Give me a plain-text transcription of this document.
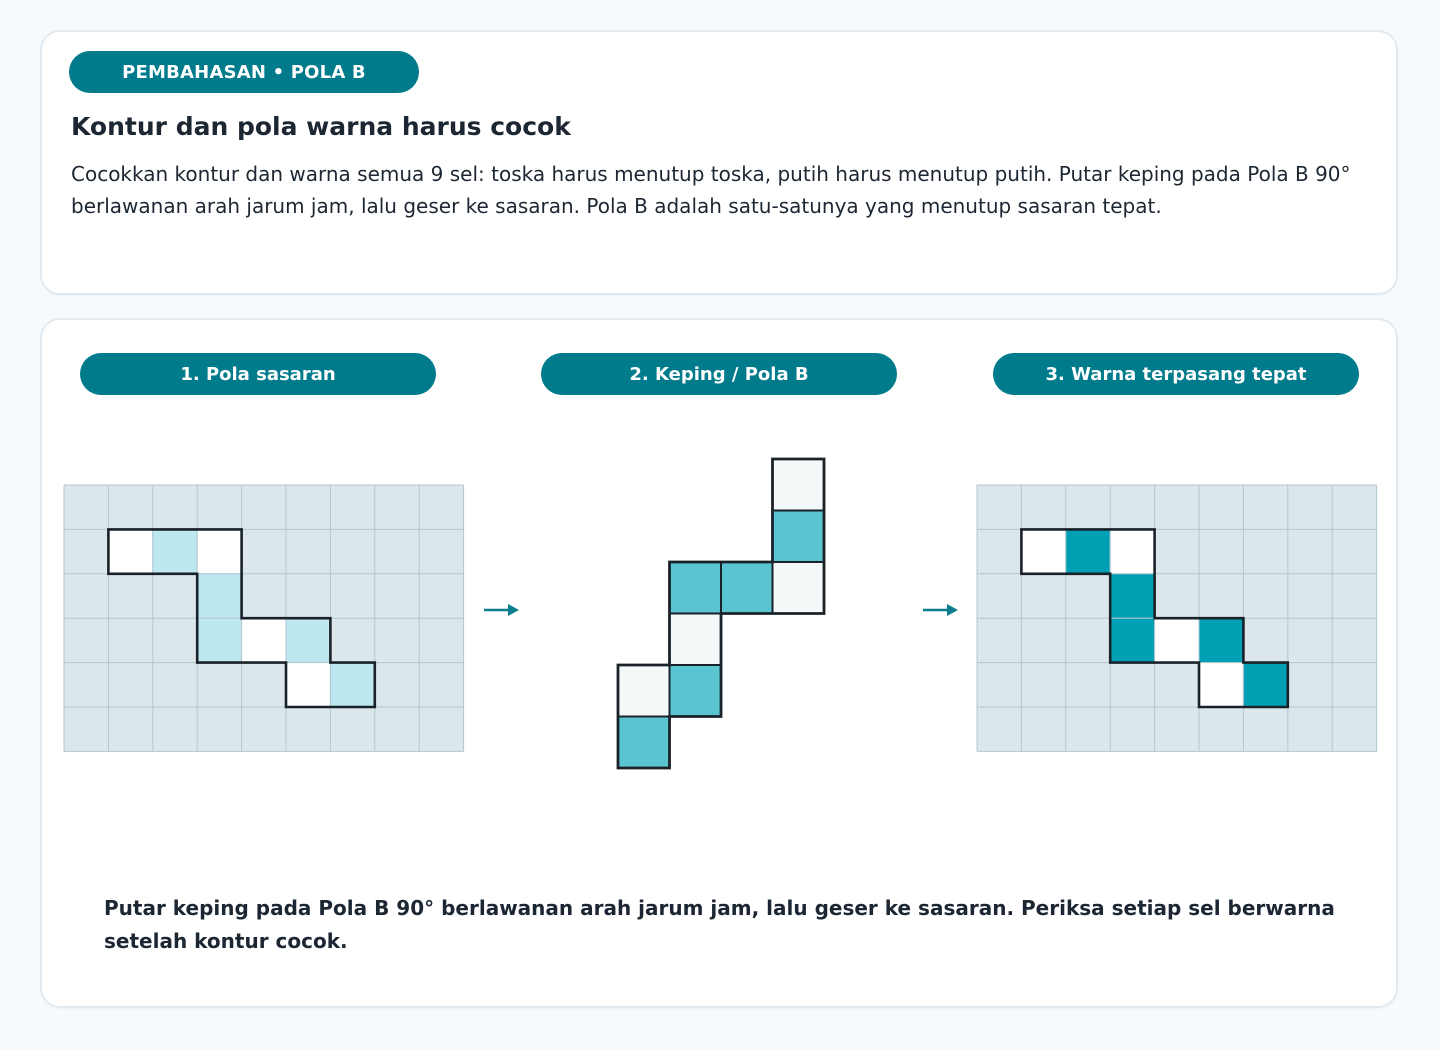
PEMBAHASAN • POLA B
Kontur dan pola warna harus cocok

Cocokkan kontur dan warna semua 9 sel: toska harus menutup toska, putih harus menutup putih. Putar keping pada Pola B 90° berlawanan arah jarum jam, lalu geser ke sasaran. Pola B adalah satu-satunya yang menutup sasaran tepat.

1. Pola sasaran	2. Keping / Pola B	3. Warna terpasang tepat

Putar keping pada Pola B 90° berlawanan arah jarum jam, lalu geser ke sasaran. Periksa setiap sel berwarna setelah kontur cocok.
